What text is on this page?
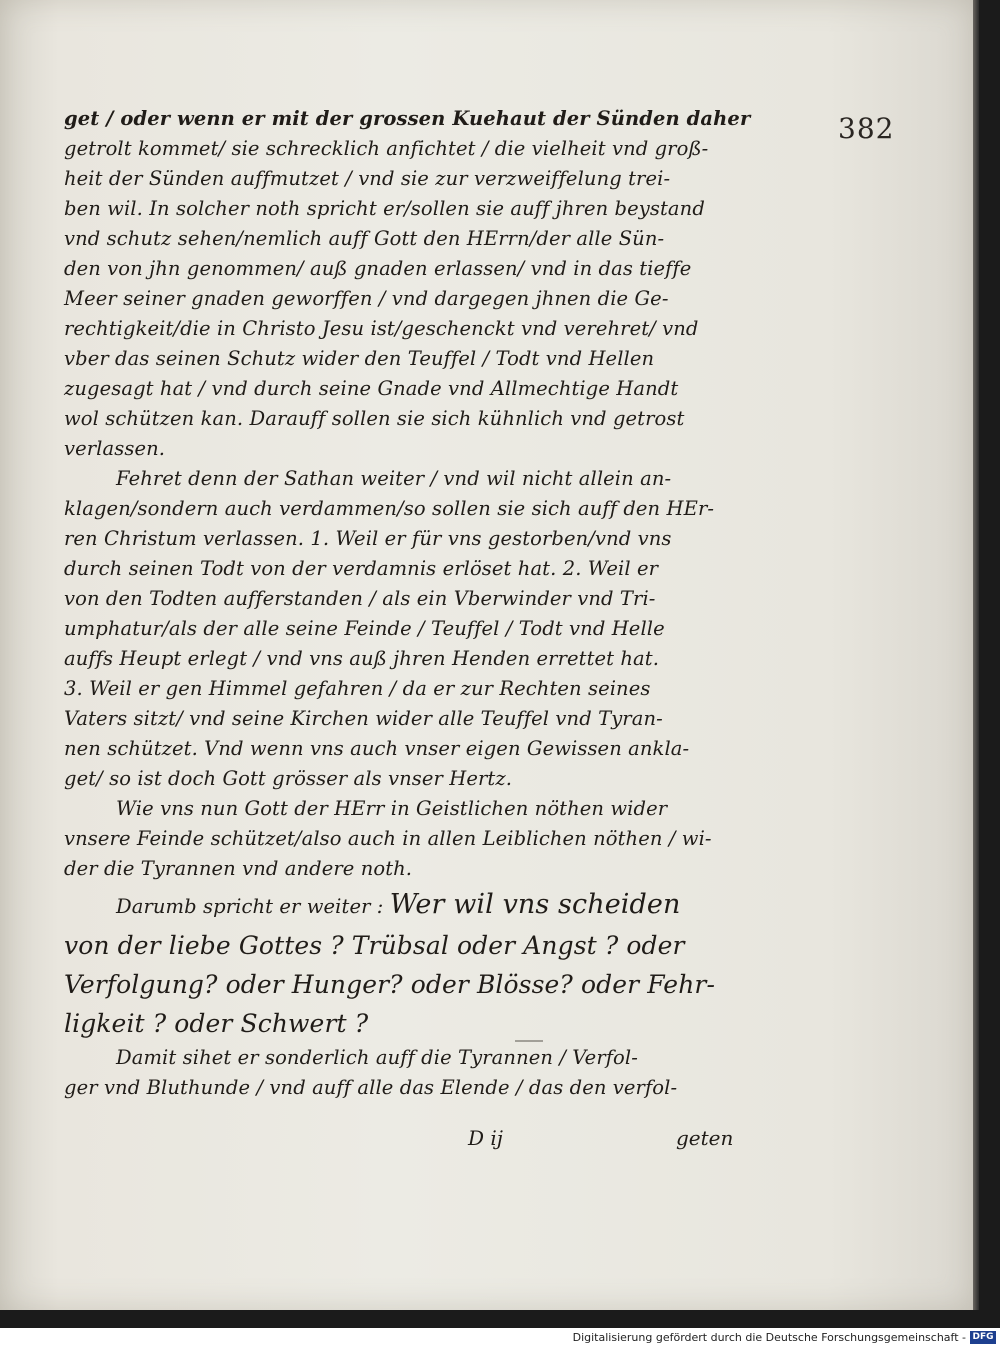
382
get / oder wenn er mit der grossen Kuehaut der Sünden daher
getrolt kommet/ sie schrecklich anfichtet / die vielheit vnd groß-
heit der Sünden auffmutzet / vnd sie zur verzweiffelung trei-
ben wil. In solcher noth spricht er/sollen sie auff jhren beystand
vnd schutz sehen/nemlich auff Gott den HErrn/der alle Sün-
den von jhn genommen/ auß gnaden erlassen/ vnd in das tieffe
Meer seiner gnaden geworffen / vnd dargegen jhnen die Ge-
rechtigkeit/die in Christo Jesu ist/geschenckt vnd verehret/ vnd
vber das seinen Schutz wider den Teuffel / Todt vnd Hellen
zugesagt hat / vnd durch seine Gnade vnd Allmechtige Handt
wol schützen kan. Darauff sollen sie sich kühnlich vnd getrost
verlassen.
Fehret denn der Sathan weiter / vnd wil nicht allein an-
klagen/sondern auch verdammen/so sollen sie sich auff den HEr-
ren Christum verlassen. 1. Weil er für vns gestorben/vnd vns
durch seinen Todt von der verdamnis erlöset hat. 2. Weil er
von den Todten aufferstanden / als ein Vberwinder vnd Tri-
umphatur/als der alle seine Feinde / Teuffel / Todt vnd Helle
auffs Heupt erlegt / vnd vns auß jhren Henden errettet hat.
3. Weil er gen Himmel gefahren / da er zur Rechten seines
Vaters sitzt/ vnd seine Kirchen wider alle Teuffel vnd Tyran-
nen schützet. Vnd wenn vns auch vnser eigen Gewissen ankla-
get/ so ist doch Gott grösser als vnser Hertz.
Wie vns nun Gott der HErr in Geistlichen nöthen wider
vnsere Feinde schützet/also auch in allen Leiblichen nöthen / wi-
der die Tyrannen vnd andere noth.
Darumb spricht er weiter : Wer wil vns scheiden
von der liebe Gottes ? Trübsal oder Angst ? oder
Verfolgung? oder Hunger? oder Blösse? oder Fehr-
ligkeit ? oder Schwert ?
Damit sihet er sonderlich auff die Tyrannen / Verfol-
ger vnd Bluthunde / vnd auff alle das Elende / das den verfol-
D ij	geten
Digitalisierung gefördert durch die Deutsche Forschungsgemeinschaft - DFG
